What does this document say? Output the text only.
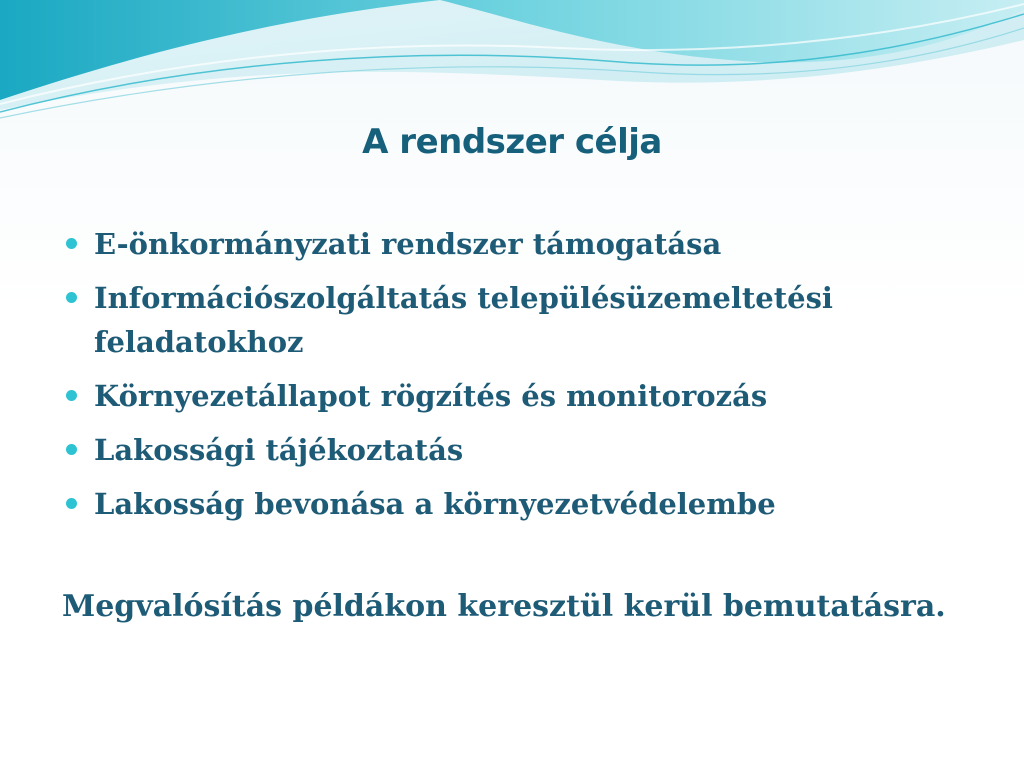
A rendszer célja
E-önkormányzati rendszer támogatása
Információszolgáltatás településüzemeltetési feladatokhoz
Környezetállapot rögzítés és monitorozás
Lakossági tájékoztatás
Lakosság bevonása a környezetvédelembe

Megvalósítás példákon keresztül kerül bemutatásra.
